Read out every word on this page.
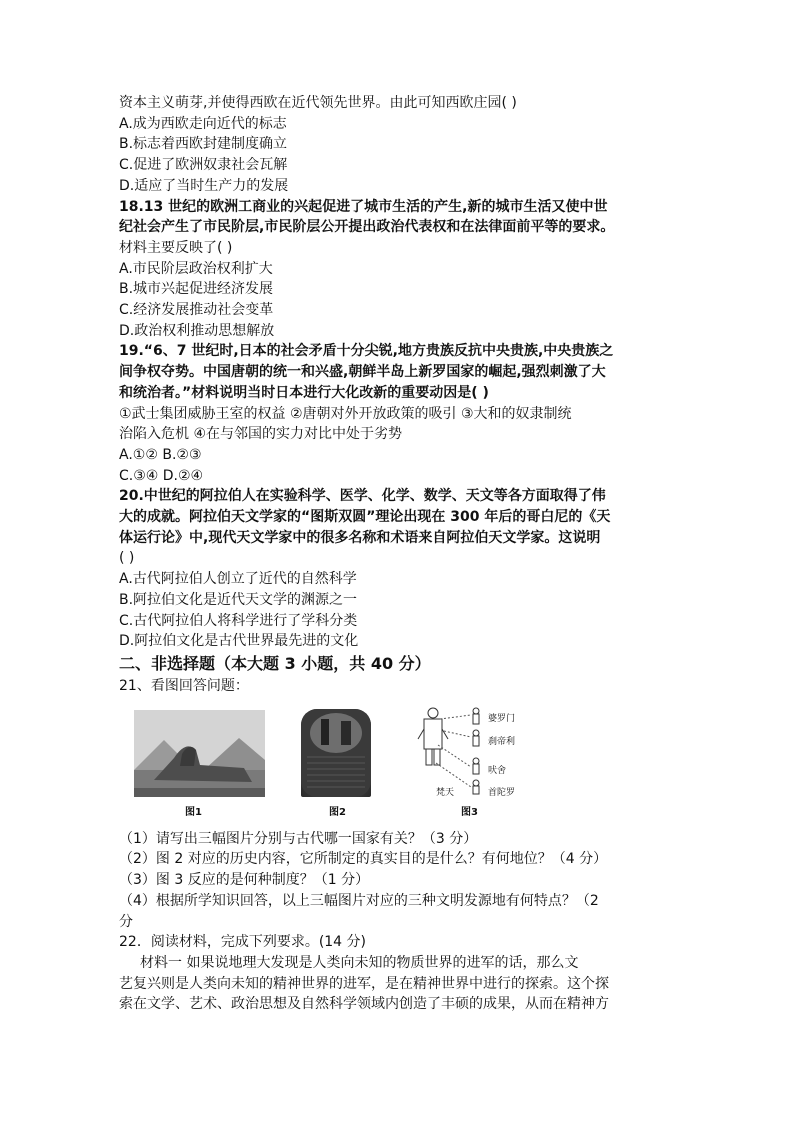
资本主义萌芽,并使得西欧在近代领先世界。由此可知西欧庄园( )
A.成为西欧走向近代的标志
B.标志着西欧封建制度确立
C.促进了欧洲奴隶社会瓦解
D.适应了当时生产力的发展
18.13 世纪的欧洲工商业的兴起促进了城市生活的产生,新的城市生活又使中世
纪社会产生了市民阶层,市民阶层公开提出政治代表权和在法律面前平等的要求。
材料主要反映了( )
A.市民阶层政治权利扩大
B.城市兴起促进经济发展
C.经济发展推动社会变革
D.政治权利推动思想解放
19.“6、7 世纪时,日本的社会矛盾十分尖锐,地方贵族反抗中央贵族,中央贵族之
间争权夺势。中国唐朝的统一和兴盛,朝鲜半岛上新罗国家的崛起,强烈刺激了大
和统治者。”材料说明当时日本进行大化改新的重要动因是( )
①武士集团威胁王室的权益 ②唐朝对外开放政策的吸引 ③大和的奴隶制统
治陷入危机 ④在与邻国的实力对比中处于劣势
A.①② B.②③
C.③④ D.②④
20.中世纪的阿拉伯人在实验科学、医学、化学、数学、天文等各方面取得了伟
大的成就。阿拉伯天文学家的“图斯双圆”理论出现在 300 年后的哥白尼的《天
体运行论》中,现代天文学家中的很多名称和术语来自阿拉伯天文学家。这说明
( )
A.古代阿拉伯人创立了近代的自然科学
B.阿拉伯文化是近代天文学的渊源之一
C.古代阿拉伯人将科学进行了学科分类
D.阿拉伯文化是古代世界最先进的文化
二、非选择题（本大题 3 小题，共 40 分）
21、看图回答问题：
图1	图2
婆罗门
刹帝利
吠舍
首陀罗
梵天
图3
（1）请写出三幅图片分别与古代哪一国家有关？（3 分）
（2）图 2 对应的历史内容，它所制定的真实目的是什么？有何地位？（4 分）
（3）图 3 反应的是何种制度？（1 分）
（4）根据所学知识回答，以上三幅图片对应的三种文明发源地有何特点？（2
分
22．阅读材料，完成下列要求。(14 分)
材料一 如果说地理大发现是人类向未知的物质世界的进军的话，那么文
艺复兴则是人类向未知的精神世界的进军，是在精神世界中进行的探索。这个探
索在文学、艺术、政治思想及自然科学领域内创造了丰硕的成果，从而在精神方
